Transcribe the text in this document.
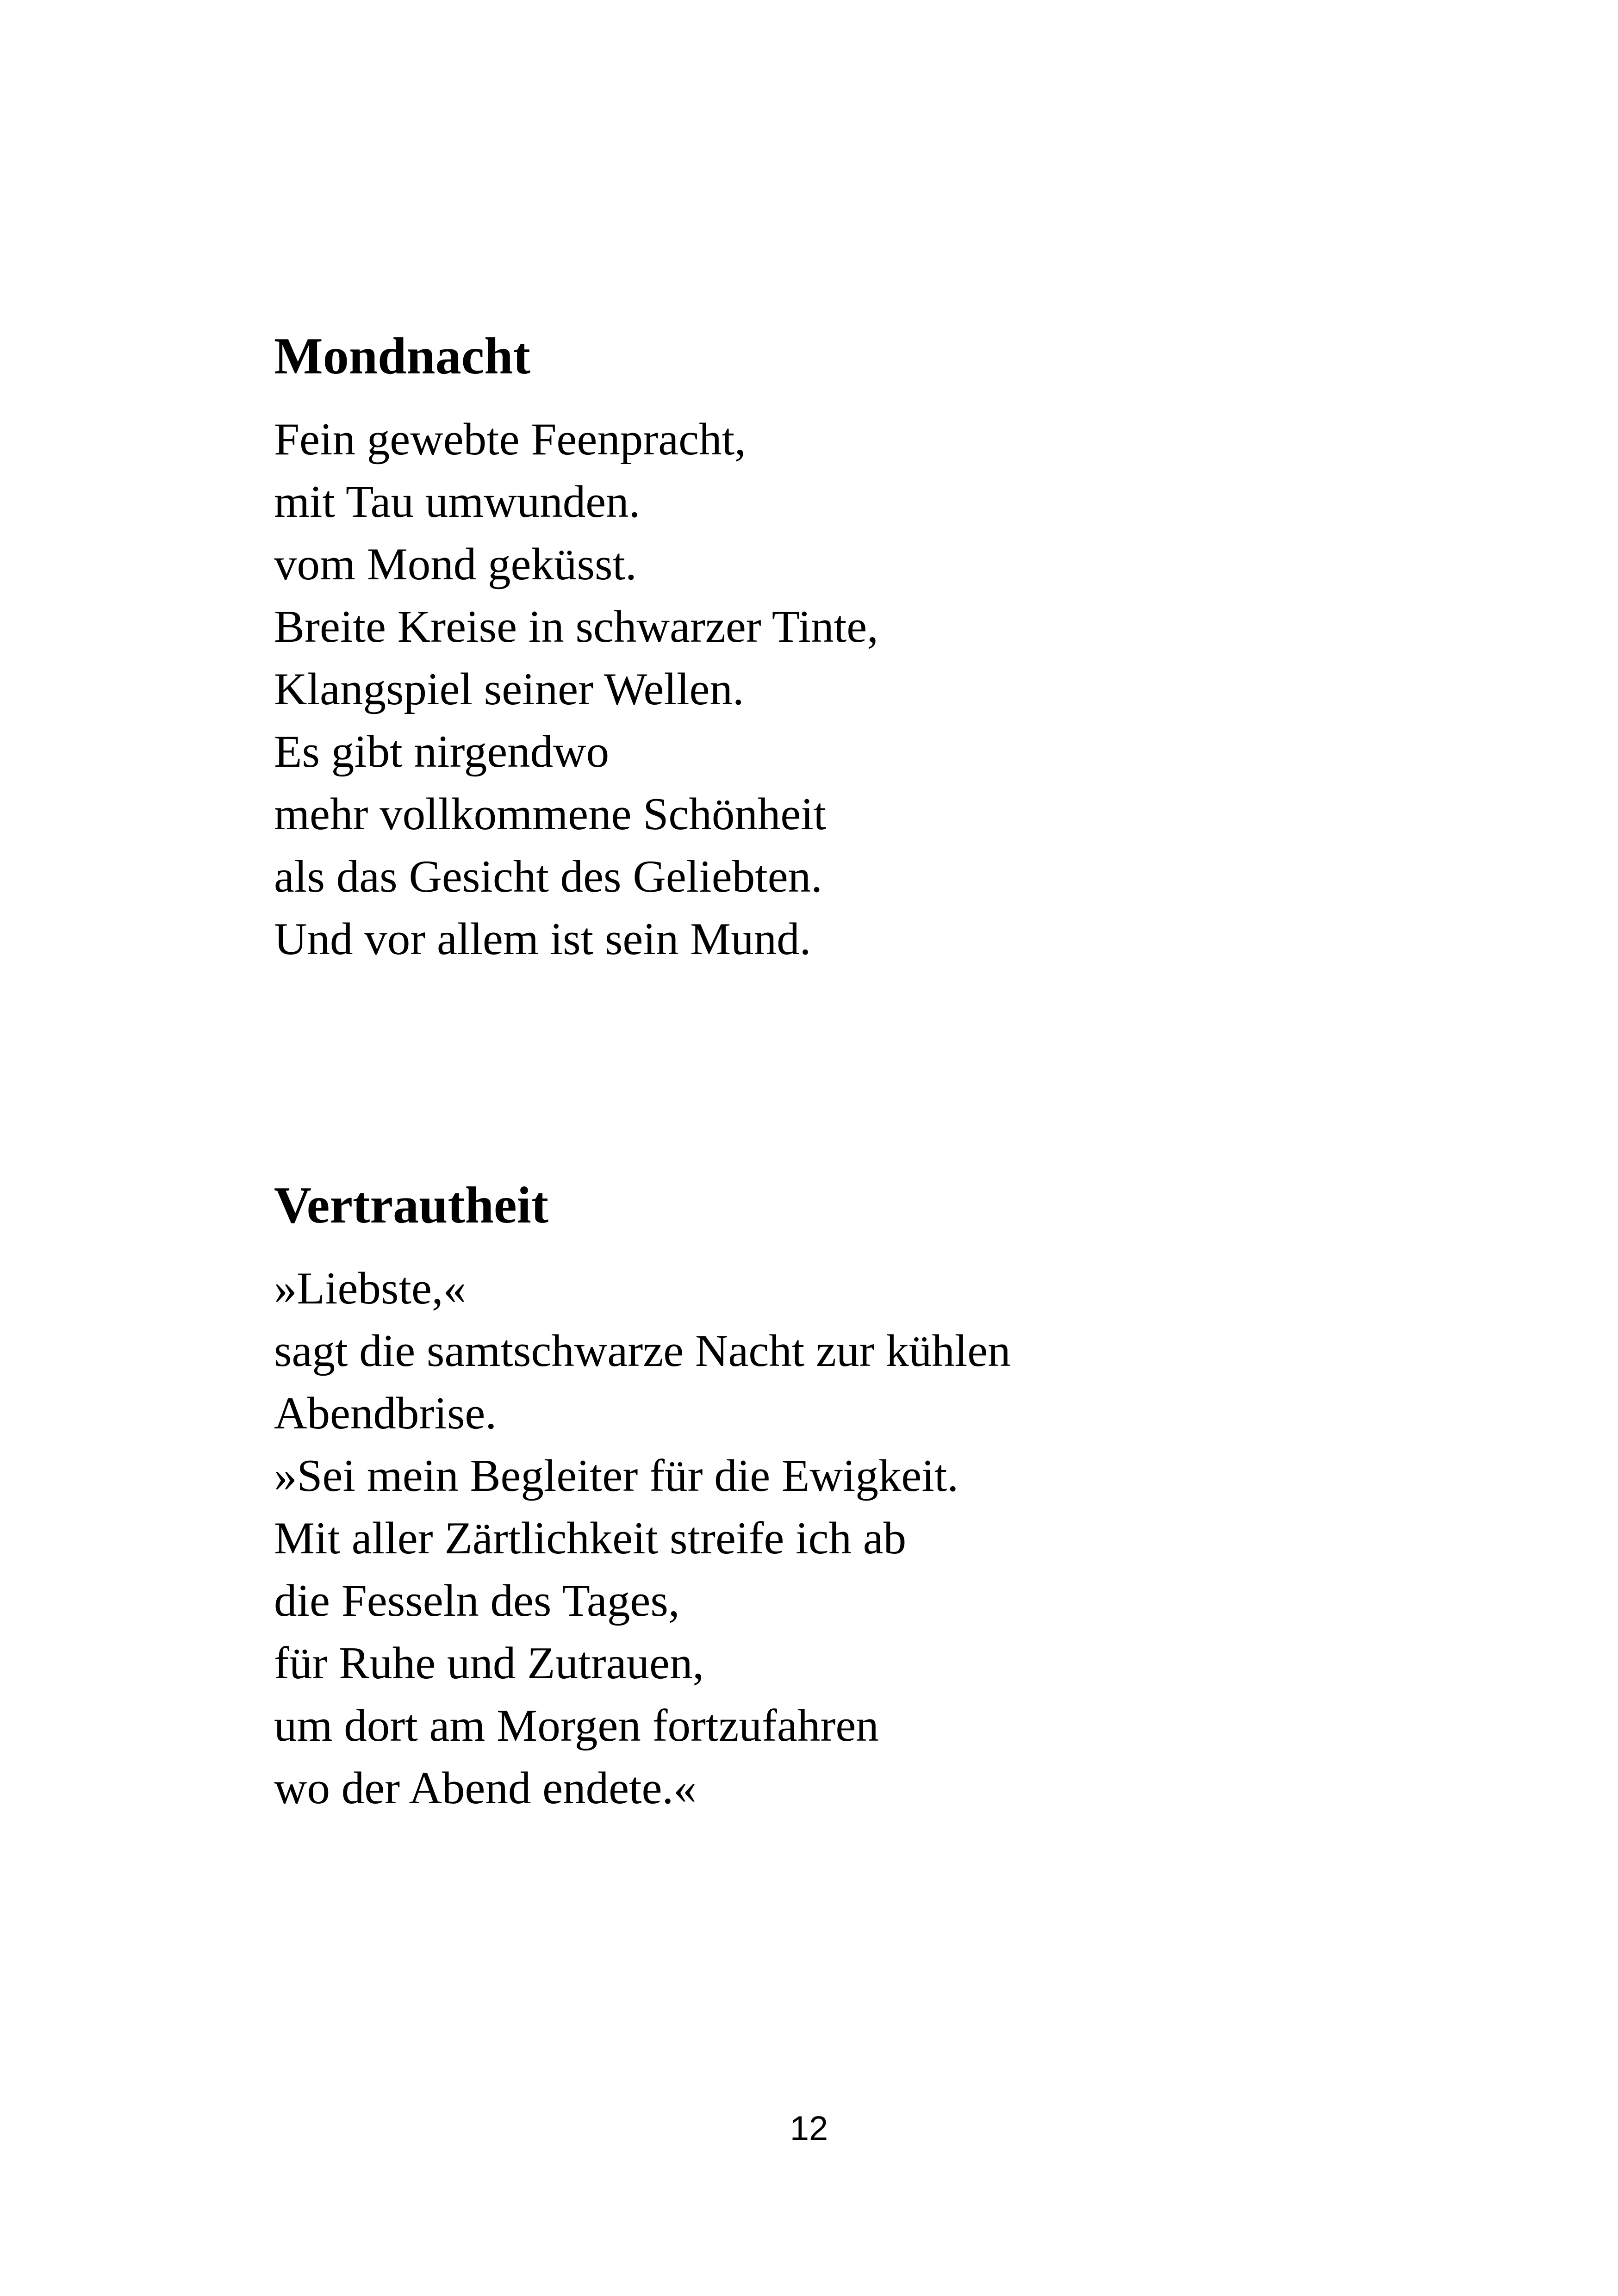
Mondnacht
Fein gewebte Feenpracht,
mit Tau umwunden.
vom Mond geküsst.
Breite Kreise in schwarzer Tinte,
Klangspiel seiner Wellen.
Es gibt nirgendwo
mehr vollkommene Schönheit
als das Gesicht des Geliebten.
Und vor allem ist sein Mund.
Vertrautheit
»Liebste,«
sagt die samtschwarze Nacht zur kühlen
Abendbrise.
»Sei mein Begleiter für die Ewigkeit.
Mit aller Zärtlichkeit streife ich ab
die Fesseln des Tages,
für Ruhe und Zutrauen,
um dort am Morgen fortzufahren
wo der Abend endete.«
12
